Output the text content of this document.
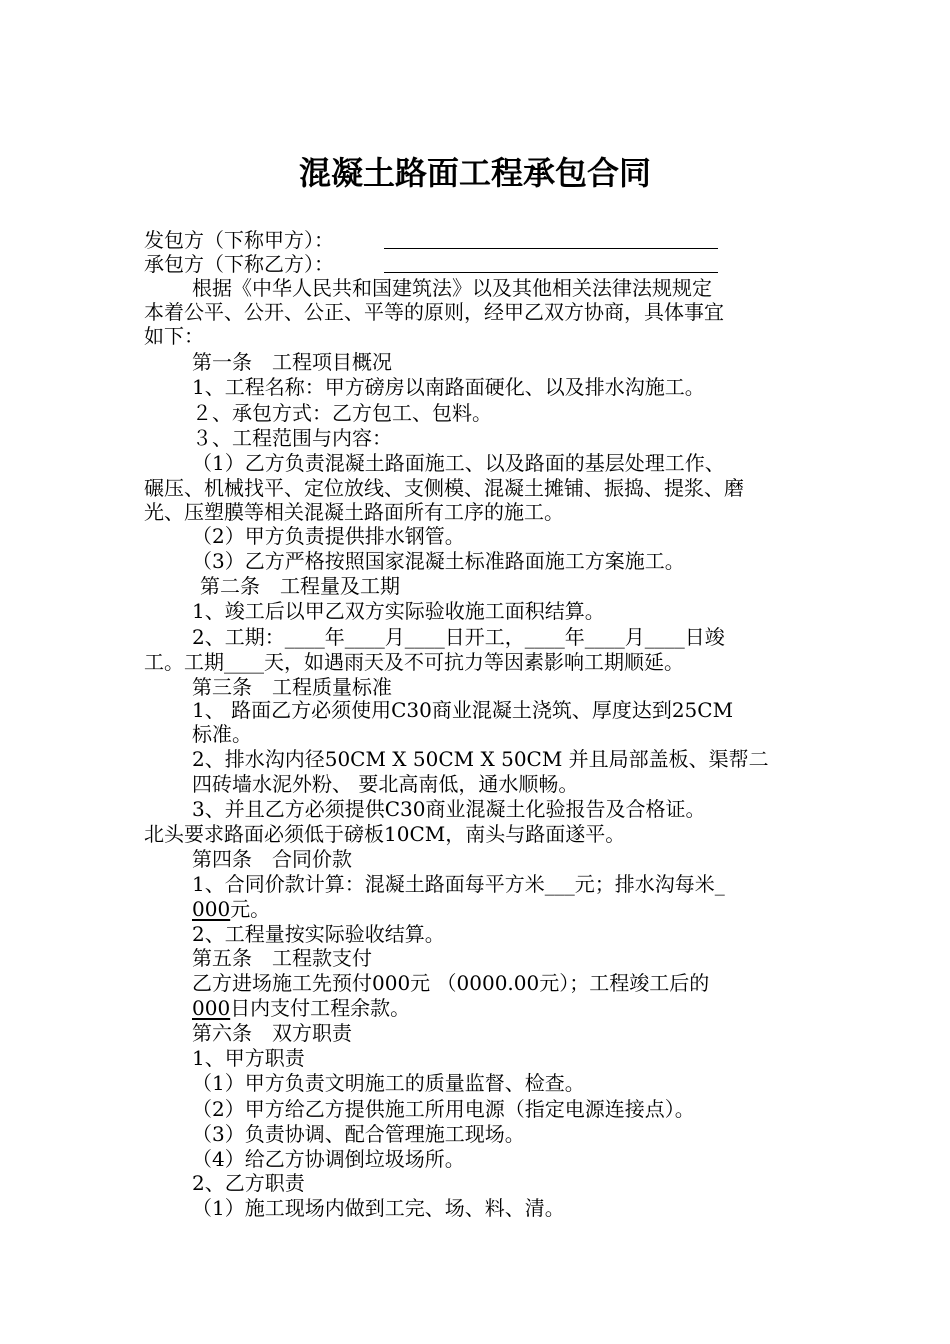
混凝土路面工程承包合同
发包方（下称甲方）：
承包方（下称乙方）：
根据《中华人民共和国建筑法》以及其他相关法律法规规定
本着公平、公开、公正、平等的原则，经甲乙双方协商，具体事宜
如下：
第一条　工程项目概况
1、工程名称：甲方磅房以南路面硬化、以及排水沟施工。
２、承包方式：乙方包工、包料。
３、工程范围与内容：
（1）乙方负责混凝土路面施工、以及路面的基层处理工作、
碾压、机械找平、定位放线、支侧模、混凝土摊铺、振捣、提浆、磨
光、压塑膜等相关混凝土路面所有工序的施工。
（2）甲方负责提供排水钢管。
（3）乙方严格按照国家混凝土标准路面施工方案施工。
第二条　工程量及工期
1、竣工后以甲乙双方实际验收施工面积结算。
2、工期：____年____月____日开工，____年____月____日竣
工。工期____天，如遇雨天及不可抗力等因素影响工期顺延。
第三条　工程质量标准
1、 路面乙方必须使用C30商业混凝土浇筑、厚度达到25CM
标准。
2、排水沟内径50CM X 50CM X 50CM 并且局部盖板、渠帮二
四砖墙水泥外粉、 要北高南低，通水顺畅。
3、并且乙方必须提供C30商业混凝土化验报告及合格证。
北头要求路面必须低于磅板10CM，南头与路面遂平。
第四条　合同价款
1、合同价款计算：混凝土路面每平方米___元；排水沟每米_
000元。
2、工程量按实际验收结算。
第五条　工程款支付
乙方进场施工先预付000元 （0000.00元）；工程竣工后的
000日内支付工程余款。
第六条　双方职责
1、甲方职责
（1）甲方负责文明施工的质量监督、检查。
（2）甲方给乙方提供施工所用电源（指定电源连接点）。
（3）负责协调、配合管理施工现场。
（4）给乙方协调倒垃圾场所。
2、乙方职责
（1）施工现场内做到工完、场、料、清。
